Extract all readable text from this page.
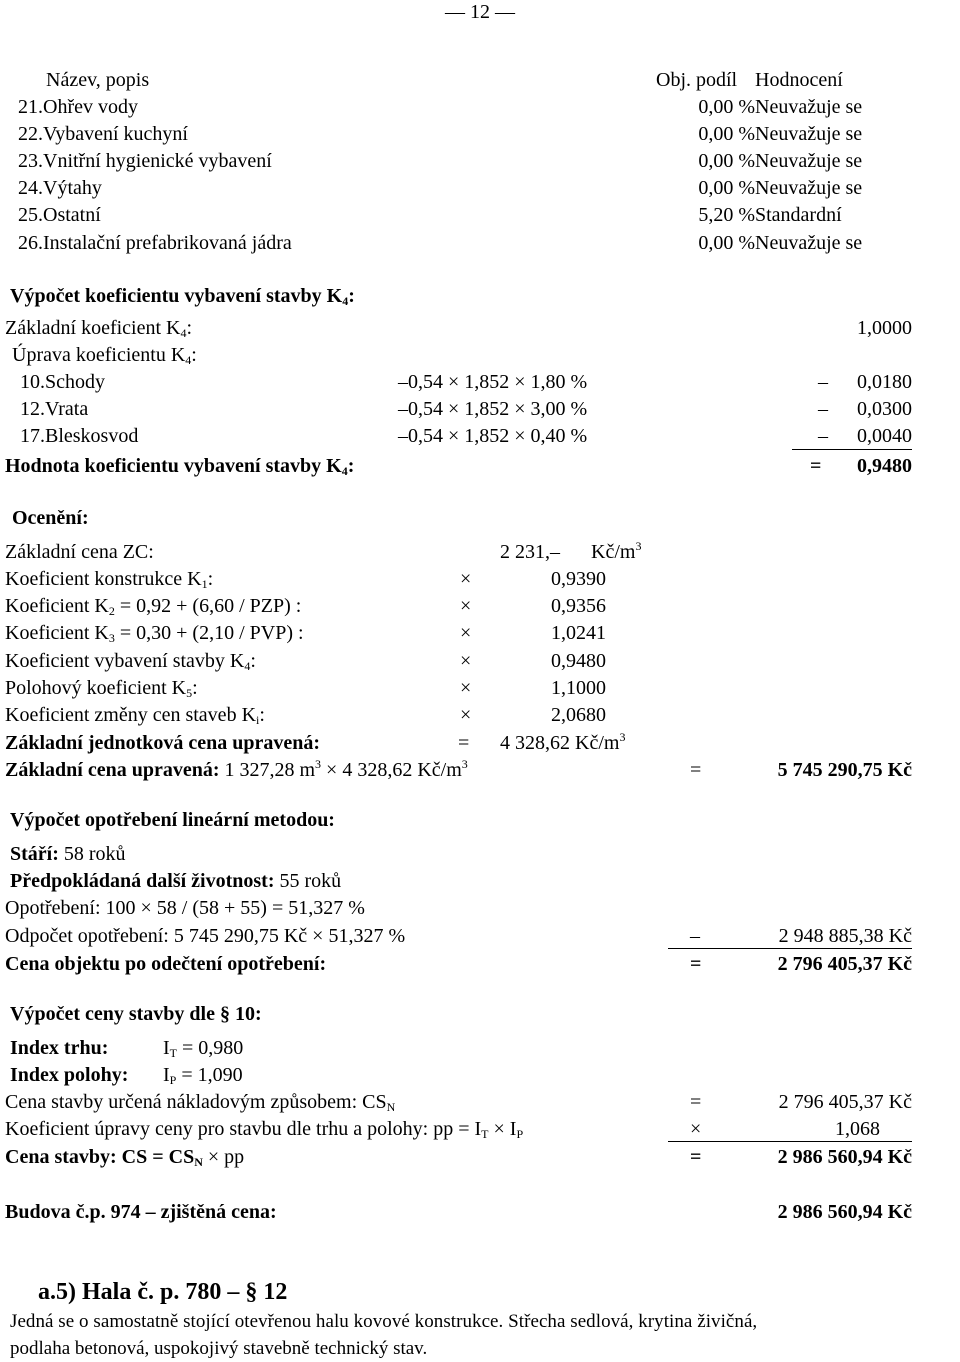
— 12 —
Název, popis	Obj. podíl Hodnocení
21.Ohřev vody	0,00 % Neuvažuje se
22.Vybavení kuchyní	0,00 % Neuvažuje se
23.Vnitřní hygienické vybavení	0,00 % Neuvažuje se
24.Výtahy	0,00 % Neuvažuje se
25.Ostatní	5,20 % Standardní
26.Instalační prefabrikovaná jádra	0,00 % Neuvažuje se
Výpočet koeficientu vybavení stavby $K_4$:
Základní koeficient $K_4$:	1,0000
Úprava koeficientu $K_4$:
10.Schody	–0,54 × 1,852 × 1,80 %	–	0,0180
12.Vrata	–0,54 × 1,852 × 3,00 %	–	0,0300
17.Bleskosvod	–0,54 × 1,852 × 0,40 %	–	0,0040
Hodnota koeficientu vybavení stavby $K_4$:	=	0,9480
Ocenění:
Základní cena ZC:	2 231,– $Kč/m^3$
Koeficient konstrukce $K_1$:	×	0,9390
Koeficient $K_2 = 0,92 + (6,60 / PZP)$ :	×	0,9356
Koeficient $K_3 = 0,30 + (2,10 / PVP)$ :	×	1,0241
Koeficient vybavení stavby $K_4$:	×	0,9480
Polohový koeficient $K_5$:	×	1,1000
Koeficient změny cen staveb $K_i$:	×	2,0680
Základní jednotková cena upravená:	= 4 328,62 $Kč/m^3$
Základní cena upravená: 1 327,28 $m^3 \times 4$ 328,62 $Kč/m^3$	=	5 745 290,75 Kč
Výpočet opotřebení lineární metodou:
Stáří: 58 roků
Předpokládaná další životnost: 55 roků
Opotřebení: 100 × 58 / (58 + 55) = 51,327 %
Odpočet opotřebení: 5 745 290,75 Kč × 51,327 %	–	2 948 885,38 Kč
Cena objektu po odečtení opotřebení:	=	2 796 405,37 Kč
Výpočet ceny stavby dle § 10:
Index trhu:	$I_T = 0,980$
Index polohy: $I_P = 1,090$
Cena stavby určená nákladovým způsobem: $CS_N$	=	2 796 405,37 Kč
Koeficient úpravy ceny pro stavbu dle trhu a polohy: pp = $I_T \times I_P$	×	1,068
Cena stavby: CS = $CS_N$ × pp	=	2 986 560,94 Kč
Budova č.p. 974 – zjištěná cena:	2 986 560,94 Kč
a.5) Hala č. p. 780 – § 12
Jedná se o samostatně stojící otevřenou halu kovové konstrukce. Střecha sedlová, krytina živičná,
podlaha betonová, uspokojivý stavebně technický stav.
